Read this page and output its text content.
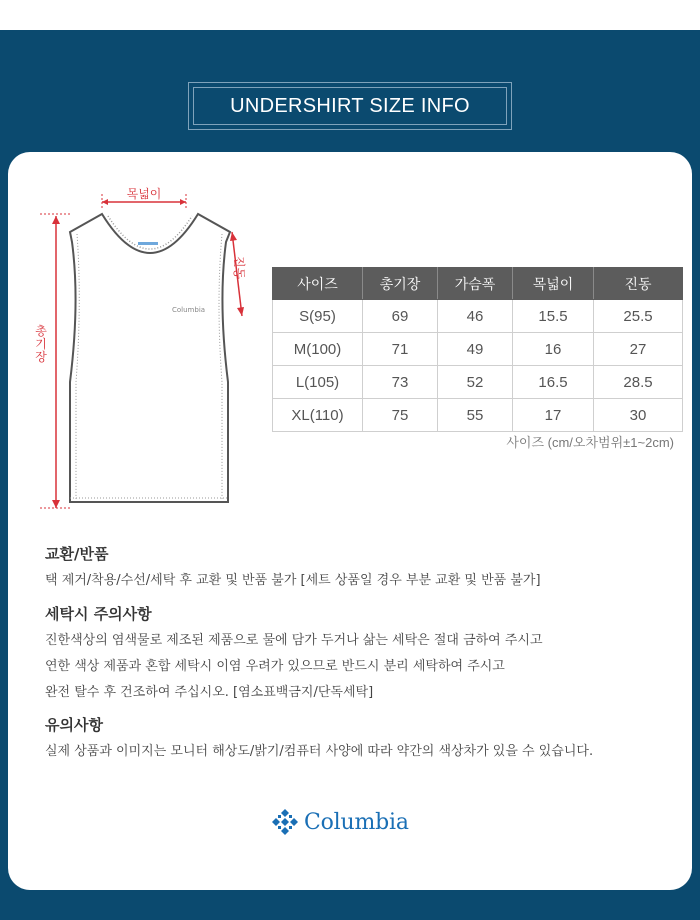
UNDERSHIRT SIZE INFO
Columbia
목넓이
총기장
진동
사이즈	총기장	가슴폭	목넓이	진동
S(95)	69	46	15.5	25.5
M(100)	71	49	16	27
L(105)	73	52	16.5	28.5
XL(110)	75	55	17	30
사이즈 (cm/오차범위±1~2cm)
교환/반품
택 제거/착용/수선/세탁 후 교환 및 반품 불가 [세트 상품일 경우 부분 교환 및 반품 불가]
세탁시 주의사항
진한색상의 염색물로 제조된 제품으로 물에 담가 두거나 삶는 세탁은 절대 금하여 주시고
연한 색상 제품과 혼합 세탁시 이염 우려가 있으므로 반드시 분리 세탁하여 주시고
완전 탈수 후 건조하여 주십시오. [염소표백금지/단독세탁]
유의사항
실제 상품과 이미지는 모니터 해상도/밝기/컴퓨터 사양에 따라 약간의 색상차가 있을 수 있습니다.
Columbia
